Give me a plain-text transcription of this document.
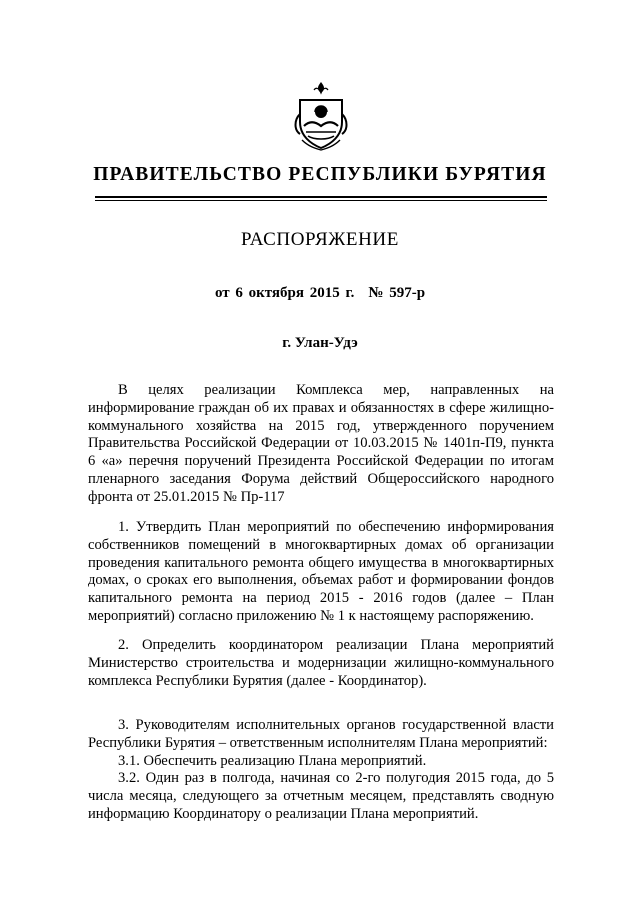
ПРАВИТЕЛЬСТВО РЕСПУБЛИКИ БУРЯТИЯ
РАСПОРЯЖЕНИЕ
от 6 октября 2015 г. № 597-р
г. Улан-Удэ

В целях реализации Комплекса мер, направленных на информирование граждан об их правах и обязанностях в сфере жилищно-коммунального хозяйства на 2015 год, утвержденного поручением Правительства Российской Федерации от 10.03.2015 № 1401п-П9, пункта 6 «а» перечня поручений Президента Российской Федерации по итогам пленарного заседания Форума действий Общероссийского народного фронта от 25.01.2015 № Пр-117

1. Утвердить План мероприятий по обеспечению информирования собственников помещений в многоквартирных домах об организации проведения капитального ремонта общего имущества в многоквартирных домах, о сроках его выполнения, объемах работ и формировании фондов капитального ремонта на период 2015 - 2016 годов (далее – План мероприятий) согласно приложению № 1 к настоящему распоряжению.

2. Определить координатором реализации Плана мероприятий Министерство строительства и модернизации жилищно-коммунального комплекса Республики Бурятия (далее - Координатор).

3. Руководителям исполнительных органов государственной власти Республики Бурятия – ответственным исполнителям Плана мероприятий:

3.1. Обеспечить реализацию Плана мероприятий.

3.2. Один раз в полгода, начиная со 2-го полугодия 2015 года, до 5 числа месяца, следующего за отчетным месяцем, представлять сводную информацию Координатору о реализации Плана мероприятий.
